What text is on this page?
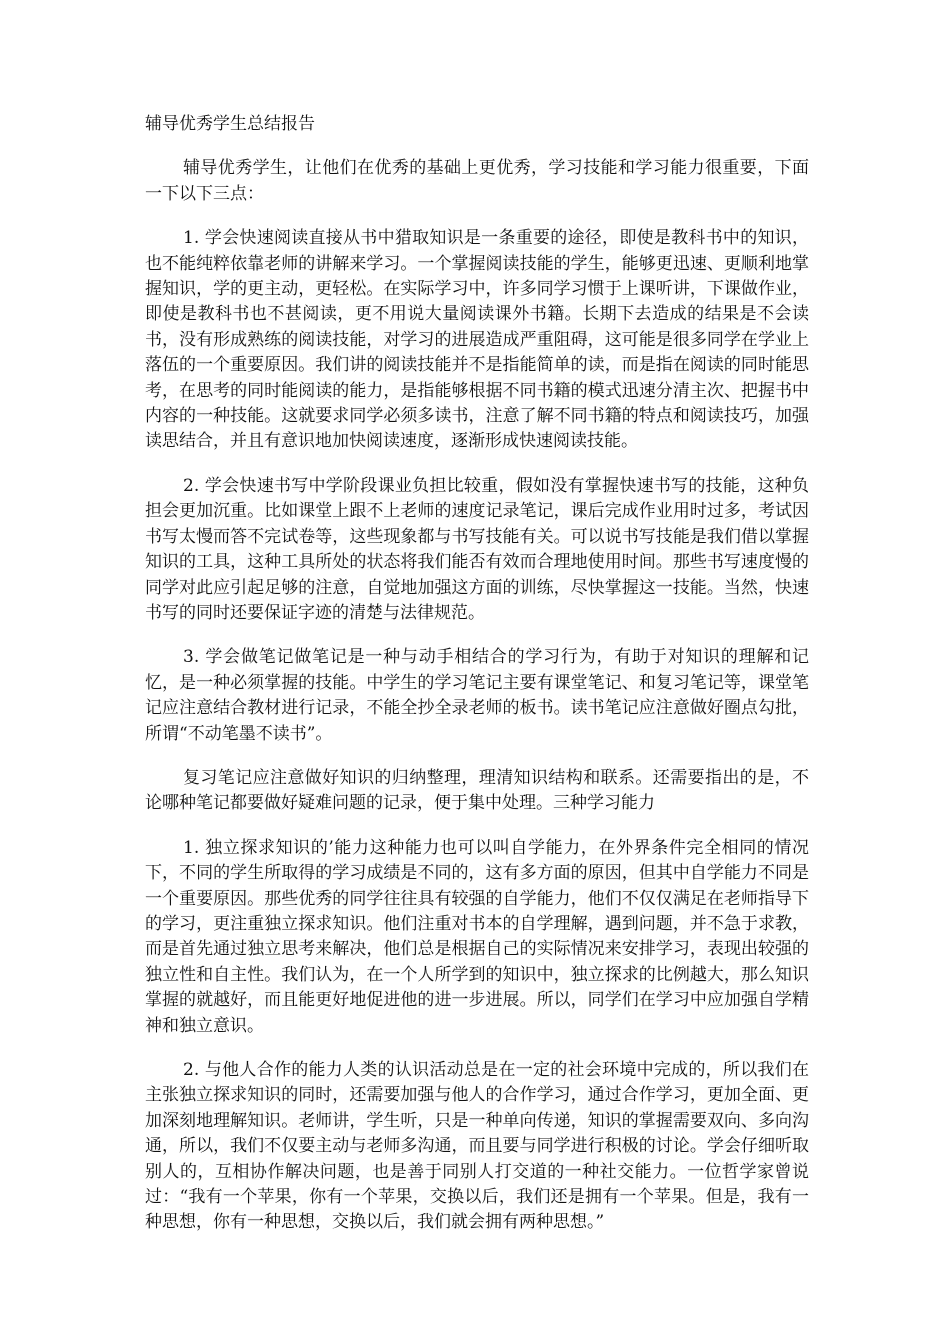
辅导优秀学生总结报告

辅导优秀学生，让他们在优秀的基础上更优秀，学习技能和学习能力很重要，下面一下以下三点：

1. 学会快速阅读直接从书中猎取知识是一条重要的途径，即使是教科书中的知识，也不能纯粹依靠老师的讲解来学习。一个掌握阅读技能的学生，能够更迅速、更顺利地掌握知识，学的更主动，更轻松。在实际学习中，许多同学习惯于上课听讲，下课做作业，即使是教科书也不甚阅读，更不用说大量阅读课外书籍。长期下去造成的结果是不会读书，没有形成熟练的阅读技能，对学习的进展造成严重阻碍，这可能是很多同学在学业上落伍的一个重要原因。我们讲的阅读技能并不是指能简单的读，而是指在阅读的同时能思考，在思考的同时能阅读的能力，是指能够根据不同书籍的模式迅速分清主次、把握书中内容的一种技能。这就要求同学必须多读书，注意了解不同书籍的特点和阅读技巧，加强读思结合，并且有意识地加快阅读速度，逐渐形成快速阅读技能。

2. 学会快速书写中学阶段课业负担比较重，假如没有掌握快速书写的技能，这种负担会更加沉重。比如课堂上跟不上老师的速度记录笔记，课后完成作业用时过多，考试因书写太慢而答不完试卷等，这些现象都与书写技能有关。可以说书写技能是我们借以掌握知识的工具，这种工具所处的状态将我们能否有效而合理地使用时间。那些书写速度慢的同学对此应引起足够的注意，自觉地加强这方面的训练，尽快掌握这一技能。当然，快速书写的同时还要保证字迹的清楚与法律规范。

3. 学会做笔记做笔记是一种与动手相结合的学习行为，有助于对知识的理解和记忆，是一种必须掌握的技能。中学生的学习笔记主要有课堂笔记、和复习笔记等，课堂笔记应注意结合教材进行记录，不能全抄全录老师的板书。读书笔记应注意做好圈点勾批，所谓“不动笔墨不读书”。

复习笔记应注意做好知识的归纳整理，理清知识结构和联系。还需要指出的是，不论哪种笔记都要做好疑难问题的记录，便于集中处理。三种学习能力

1. 独立探求知识的’能力这种能力也可以叫自学能力，在外界条件完全相同的情况下，不同的学生所取得的学习成绩是不同的，这有多方面的原因，但其中自学能力不同是一个重要原因。那些优秀的同学往往具有较强的自学能力，他们不仅仅满足在老师指导下的学习，更注重独立探求知识。他们注重对书本的自学理解，遇到问题，并不急于求教，而是首先通过独立思考来解决，他们总是根据自己的实际情况来安排学习，表现出较强的独立性和自主性。我们认为，在一个人所学到的知识中，独立探求的比例越大，那么知识掌握的就越好，而且能更好地促进他的进一步进展。所以，同学们在学习中应加强自学精神和独立意识。

2. 与他人合作的能力人类的认识活动总是在一定的社会环境中完成的，所以我们在主张独立探求知识的同时，还需要加强与他人的合作学习，通过合作学习，更加全面、更加深刻地理解知识。老师讲，学生听，只是一种单向传递，知识的掌握需要双向、多向沟通，所以，我们不仅要主动与老师多沟通，而且要与同学进行积极的讨论。学会仔细听取别人的，互相协作解决问题，也是善于同别人打交道的一种社交能力。一位哲学家曾说过：“我有一个苹果，你有一个苹果，交换以后，我们还是拥有一个苹果。但是，我有一种思想，你有一种思想，交换以后，我们就会拥有两种思想。”
